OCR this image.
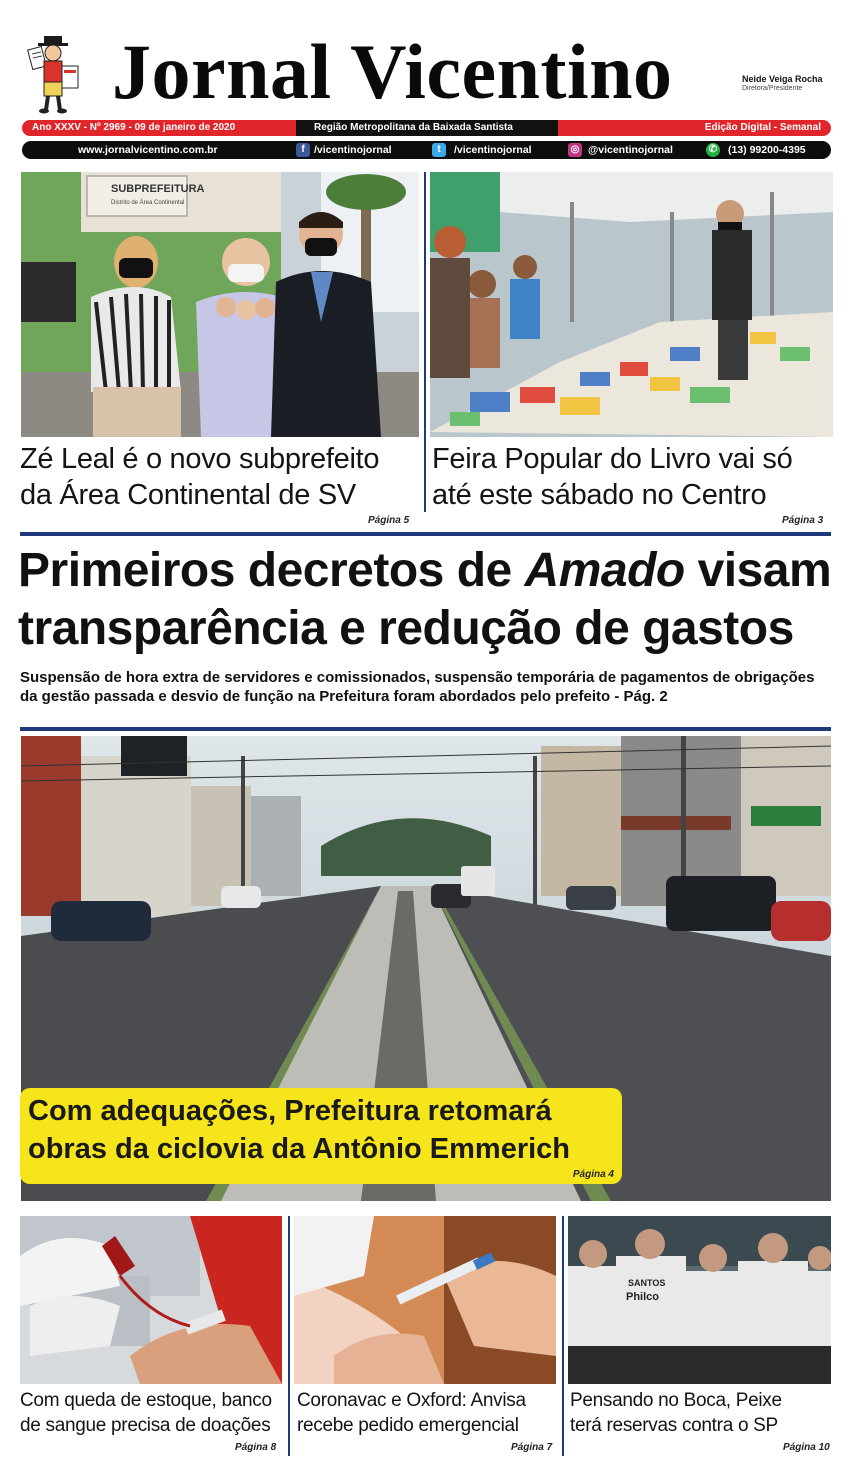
Jornal Vicentino	Neide Veiga Rocha
Diretora/Presidente
Ano XXXV - Nº 2969 - 09 de janeiro de 2020	Região Metropolitana da Baixada Santista	Edição Digital - Semanal
www.jornalvicentino.com.br	f /vicentinojornal	t	/vicentinojornal	◎ @vicentinojornal	✆ (13) 99200-4395
SUBPREFEITURA
Distrito de Área Continental
Zé Leal é o novo subprefeito
da Área Continental de SV
Página 5
Feira Popular do Livro vai só
até este sábado no Centro
Página 3
Primeiros decretos de Amado visam
transparência e redução de gastos
Suspensão de hora extra de servidores e comissionados, suspensão temporária de pagamentos de obrigações da gestão passada e desvio de função na Prefeitura foram abordados pelo prefeito - Pág. 2
Com adequações, Prefeitura retomará
obras da ciclovia da Antônio Emmerich
Página 4
SANTOS
Philco
Com queda de estoque, banco
de sangue precisa de doações
Página 8
Coronavac e Oxford: Anvisa
recebe pedido emergencial
Página 7
Pensando no Boca, Peixe
terá reservas contra o SP
Página 10
